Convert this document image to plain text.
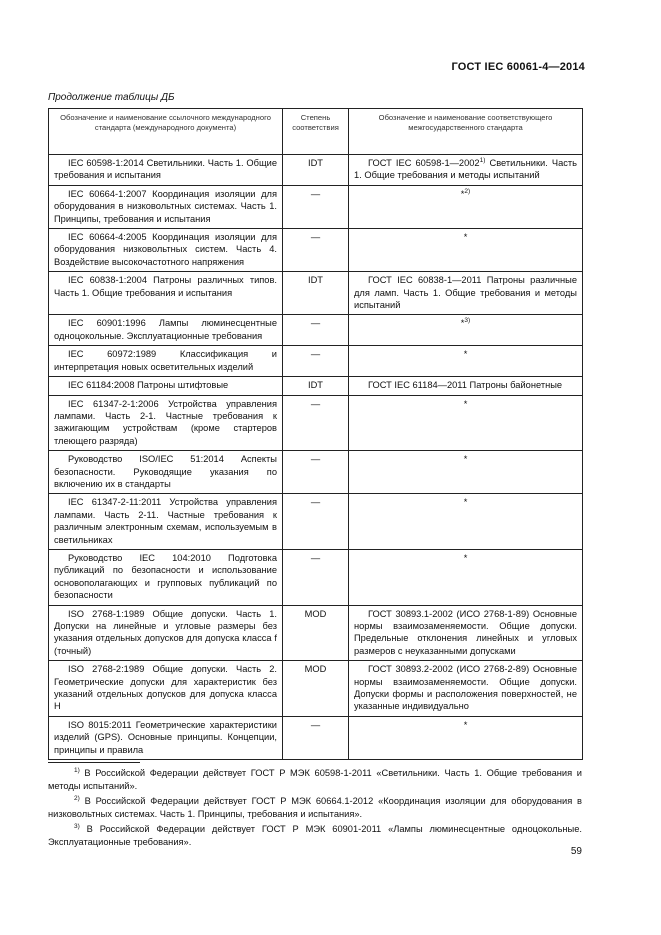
ГОСТ IEC 60061-4—2014
Продолжение таблицы ДБ
Обозначение и наименование ссылочного международного стандарта (международного документа)	Степень соответствия	Обозначение и наименование соответствующего межгосударственного стандарта
IEC 60598-1:2014 Светильники. Часть 1. Общие требования и испытания	IDT	ГОСТ IEC 60598-1—2002$^{1)}$ Светильники. Часть 1. Общие требования и методы испытаний
IEC 60664-1:2007 Координация изоляции для оборудования в низковольтных системах. Часть 1. Принципы, требования и испытания	—	*$^{2)}$
IEC 60664-4:2005 Координация изоляции для оборудования низковольтных систем. Часть 4. Воздействие высокочастотного напряжения	—	*
IEC 60838-1:2004 Патроны различных типов. Часть 1. Общие требования и испытания	IDT	ГОСТ IEC 60838-1—2011 Патроны различные для ламп. Часть 1. Общие требования и методы испытаний
IEC 60901:1996 Лампы люминесцентные одноцокольные. Эксплуатационные требования	—	*$^{3)}$
IEC 60972:1989 Классификация и интерпретация новых осветительных изделий	—	*
IEC 61184:2008 Патроны штифтовые	IDT	ГОСТ IEC 61184—2011 Патроны байонетные
IEC 61347-2-1:2006 Устройства управления лампами. Часть 2-1. Частные требования к зажигающим устройствам (кроме стартеров тлеющего разряда)	—	*
Руководство ISO/IEC 51:2014 Аспекты безопасности. Руководящие указания по включению их в стандарты	—	*
IEC 61347-2-11:2011 Устройства управления лампами. Часть 2-11. Частные требования к различным электронным схемам, используемым в светильниках	—	*
Руководство IEC 104:2010 Подготовка публикаций по безопасности и использование основополагающих и групповых публикаций по безопасности	—	*
ISO 2768-1:1989 Общие допуски. Часть 1. Допуски на линейные и угловые размеры без указания отдельных допусков для допуска класса f (точный)	MOD	ГОСТ 30893.1-2002 (ИСО 2768-1-89) Основные нормы взаимозаменяемости. Общие допуски. Предельные отклонения линейных и угловых размеров с неуказанными допусками
ISO 2768-2:1989 Общие допуски. Часть 2. Геометрические допуски для характеристик без указаний отдельных допусков для допуска класса H	MOD	ГОСТ 30893.2-2002 (ИСО 2768-2-89) Основные нормы взаимозаменяемости. Общие допуски. Допуски формы и расположения поверхностей, не указанные индивидуально
ISO 8015:2011 Геометрические характеристики изделий (GPS). Основные принципы. Концепции, принципы и правила	—	*

$^{1)}$ В Российской Федерации действует ГОСТ Р МЭК 60598-1-2011 «Светильники. Часть 1. Общие требования и методы испытаний».

$^{2)}$ В Российской Федерации действует ГОСТ Р МЭК 60664.1-2012 «Координация изоляции для оборудования в низковольтных системах. Часть 1. Принципы, требования и испытания».

$^{3)}$ В Российской Федерации действует ГОСТ Р МЭК 60901-2011 «Лампы люминесцентные одноцокольные. Эксплуатационные требования».

59
